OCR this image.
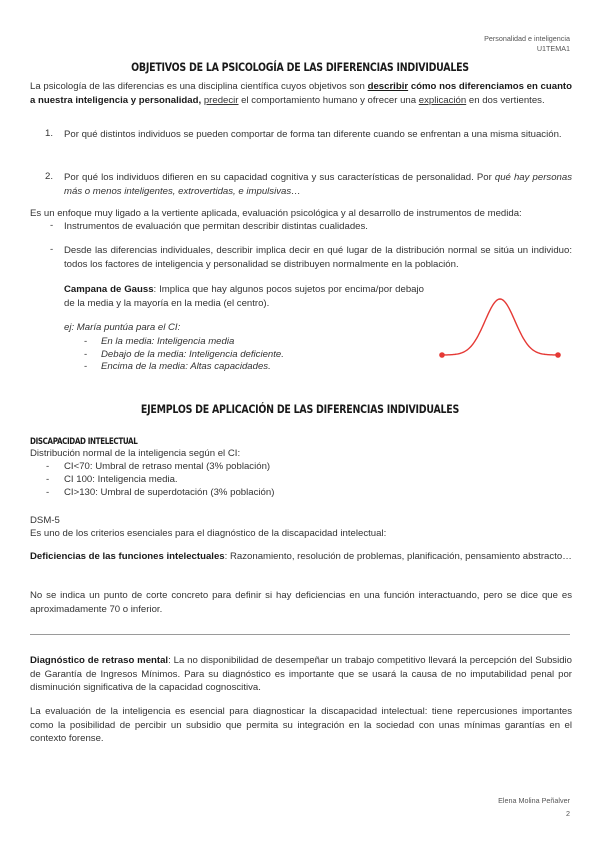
Personalidad e inteligencia
U1TEMA1
OBJETIVOS DE LA PSICOLOGÍA DE LAS DIFERENCIAS INDIVIDUALES
La psicología de las diferencias es una disciplina científica cuyos objetivos son describir cómo nos diferenciamos en cuanto a nuestra inteligencia y personalidad, predecir el comportamiento humano y ofrecer una explicación en dos vertientes.
1. Por qué distintos individuos se pueden comportar de forma tan diferente cuando se enfrentan a una misma situación.
2. Por qué los individuos difieren en su capacidad cognitiva y sus características de personalidad. Por qué hay personas más o menos inteligentes, extrovertidas, e impulsivas…
Es un enfoque muy ligado a la vertiente aplicada, evaluación psicológica y al desarrollo de instrumentos de medida:
- Instrumentos de evaluación que permitan describir distintas cualidades.
- Desde las diferencias individuales, describir implica decir en qué lugar de la distribución normal se sitúa un individuo: todos los factores de inteligencia y personalidad se distribuyen normalmente en la población.
Campana de Gauss: Implica que hay algunos pocos sujetos por encima/por debajo de la media y la mayoría en la media (el centro).
ej: María puntúa para el CI:
- En la media: Inteligencia media
- Debajo de la media: Inteligencia deficiente.
- Encima de la media: Altas capacidades.
EJEMPLOS DE APLICACIÓN DE LAS DIFERENCIAS INDIVIDUALES
DISCAPACIDAD INTELECTUAL
Distribución normal de la inteligencia según el CI:
- CI<70: Umbral de retraso mental (3% población)
- CI 100: Inteligencia media.
- CI>130: Umbral de superdotación (3% población)
DSM-5
Es uno de los criterios esenciales para el diagnóstico de la discapacidad intelectual:
Deficiencias de las funciones intelectuales: Razonamiento, resolución de problemas, planificación, pensamiento abstracto…
No se indica un punto de corte concreto para definir si hay deficiencias en una función interactuando, pero se dice que es aproximadamente 70 o inferior.
Diagnóstico de retraso mental: La no disponibilidad de desempeñar un trabajo competitivo llevará la percepción del Subsidio de Garantía de Ingresos Mínimos. Para su diagnóstico es importante que se usará la causa de no imputabilidad penal por disminución significativa de la capacidad cognoscitiva.
La evaluación de la inteligencia es esencial para diagnosticar la discapacidad intelectual: tiene repercusiones importantes como la posibilidad de percibir un subsidio que permita su integración en la sociedad con unas mínimas garantías en el contexto forense.
Elena Molina Peñalver
2
